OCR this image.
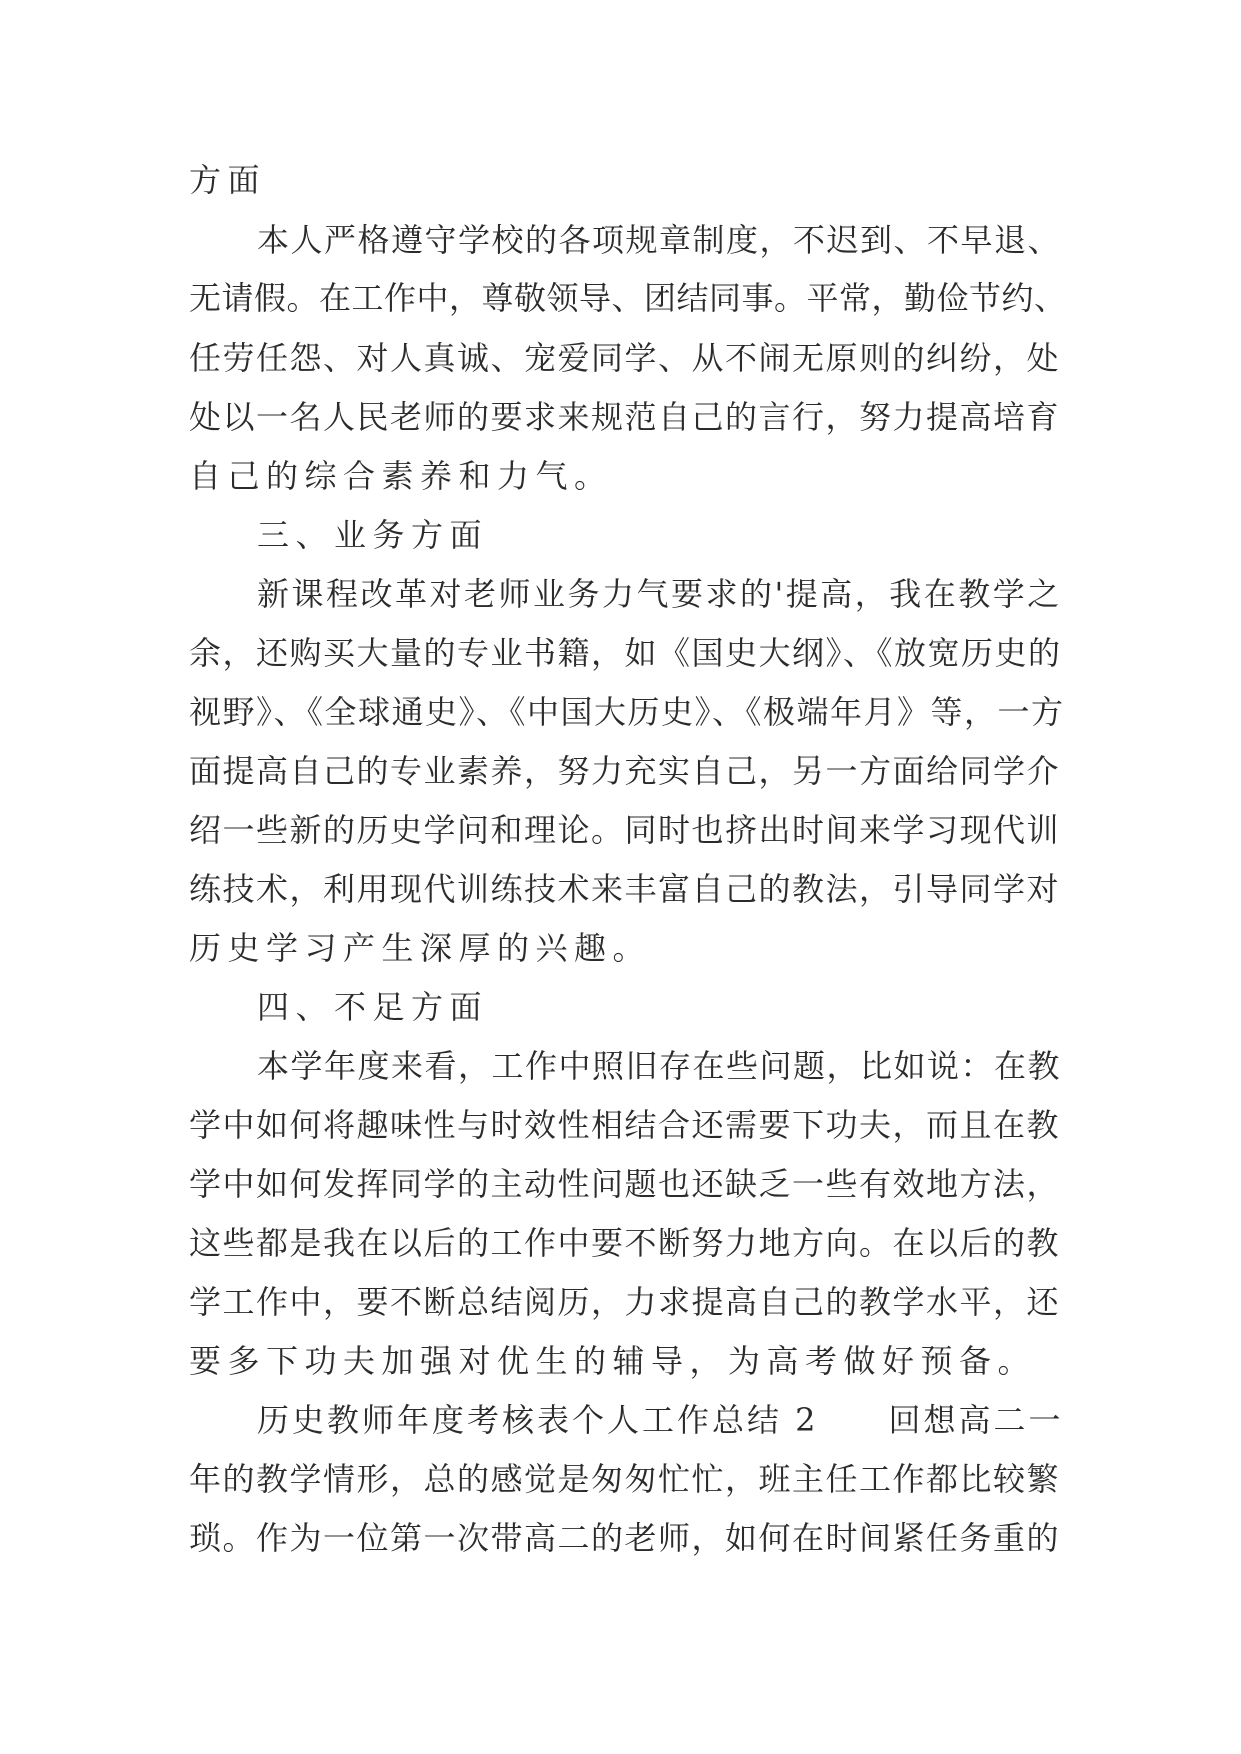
方面
本人严格遵守学校的各项规章制度，不迟到、不早退、
无请假。在工作中，尊敬领导、团结同事。平常，勤俭节约、
任劳任怨、对人真诚、宠爱同学、从不闹无原则的纠纷，处
处以一名人民老师的要求来规范自己的言行，努力提高培育
自己的综合素养和力气。
三、业务方面
新课程改革对老师业务力气要求的'提高，我在教学之
余，还购买大量的专业书籍，如《国史大纲》、《放宽历史的
视野》、《全球通史》、《中国大历史》、《极端年月》等，一方
面提高自己的专业素养，努力充实自己，另一方面给同学介
绍一些新的历史学问和理论。同时也挤出时间来学习现代训
练技术，利用现代训练技术来丰富自己的教法，引导同学对
历史学习产生深厚的兴趣。
四、不足方面
本学年度来看，工作中照旧存在些问题，比如说：在教
学中如何将趣味性与时效性相结合还需要下功夫，而且在教
学中如何发挥同学的主动性问题也还缺乏一些有效地方法，
这些都是我在以后的工作中要不断努力地方向。在以后的教
学工作中，要不断总结阅历，力求提高自己的教学水平，还
要多下功夫加强对优生的辅导，为高考做好预备。
历史教师年度考核表个人工作总结 2　　回想高二一
年的教学情形，总的感觉是匆匆忙忙，班主任工作都比较繁
琐。作为一位第一次带高二的老师，如何在时间紧任务重的
